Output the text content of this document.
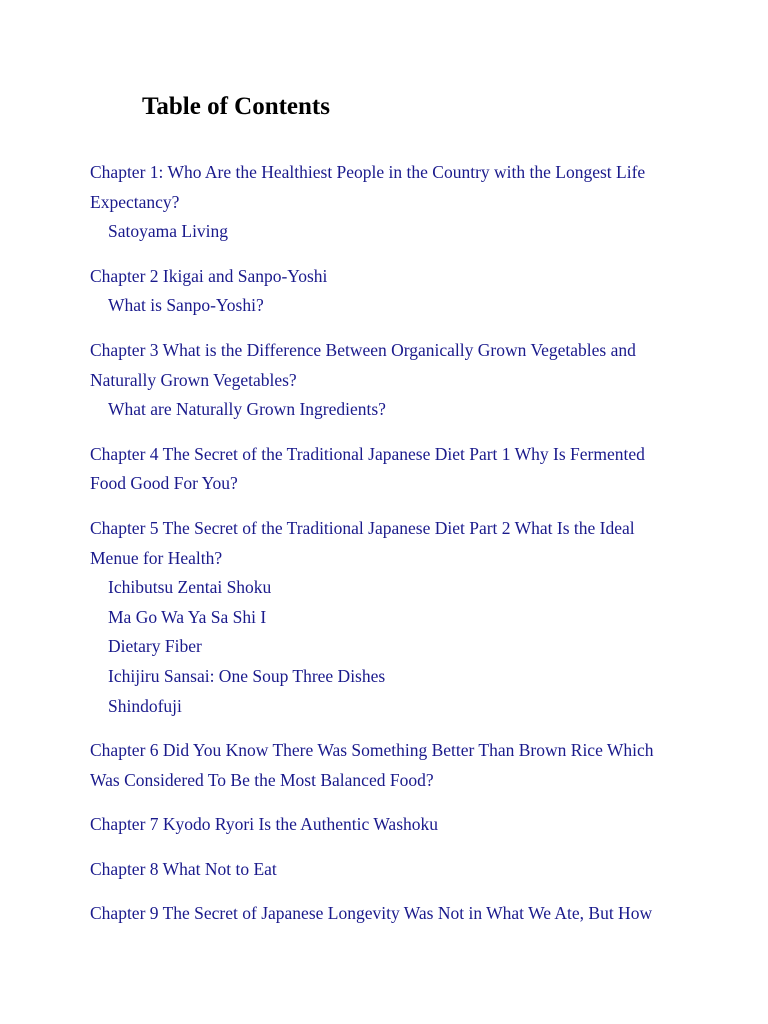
Table of Contents
Chapter 1: Who Are the Healthiest People in the Country with the Longest Life Expectancy?
Satoyama Living
Chapter 2 Ikigai and Sanpo-Yoshi
What is Sanpo-Yoshi?
Chapter 3 What is the Difference Between Organically Grown Vegetables and Naturally Grown Vegetables?
What are Naturally Grown Ingredients?
Chapter 4 The Secret of the Traditional Japanese Diet Part 1 Why Is Fermented Food Good For You?
Chapter 5 The Secret of the Traditional Japanese Diet Part 2 What Is the Ideal Menue for Health?
Ichibutsu Zentai Shoku
Ma Go Wa Ya Sa Shi I
Dietary Fiber
Ichijiru Sansai: One Soup Three Dishes
Shindofuji
Chapter 6 Did You Know There Was Something Better Than Brown Rice Which Was Considered To Be the Most Balanced Food?
Chapter 7 Kyodo Ryori Is the Authentic Washoku
Chapter 8 What Not to Eat
Chapter 9 The Secret of Japanese Longevity Was Not in What We Ate, But How
